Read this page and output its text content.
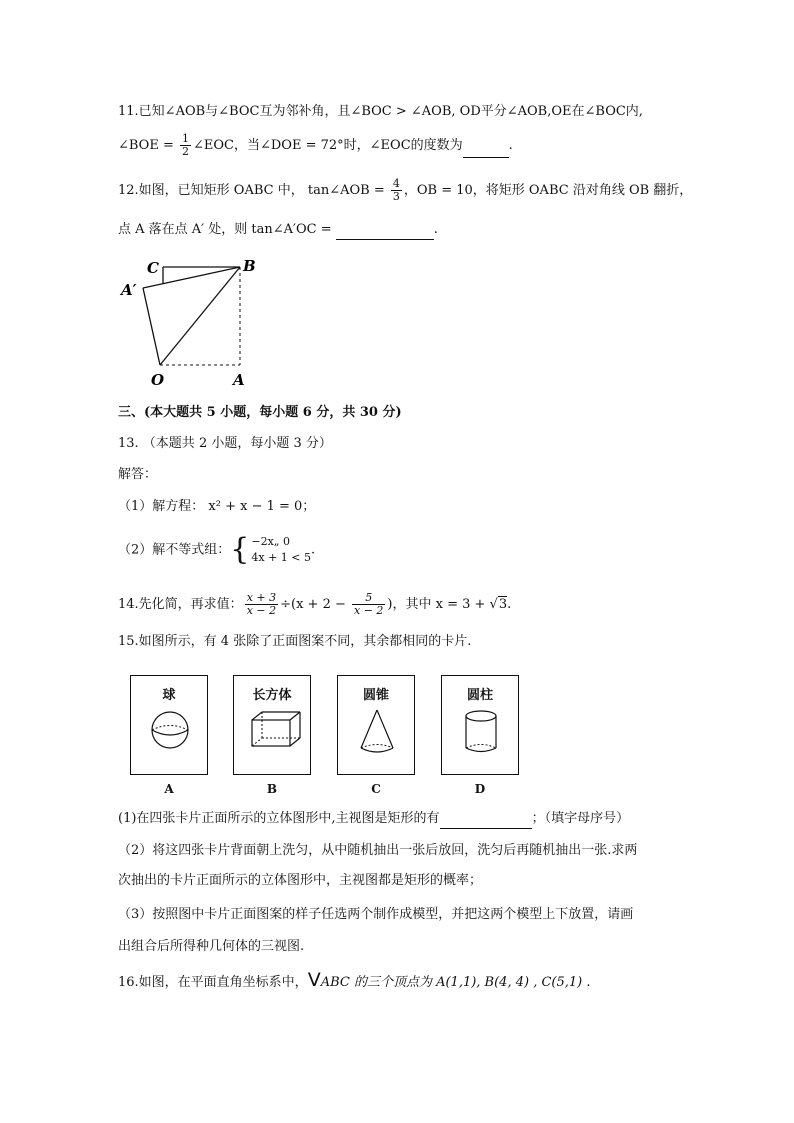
11.已知∠AOB与∠BOC互为邻补角，且∠BOC > ∠AOB, OD平分∠AOB,OE在∠BOC内,
∠BOE = $\frac{1}{2}$ ∠EOC，当∠DOE = 72°时，∠EOC的度数为	.
12.如图，已知矩形 OABC 中， tan∠AOB = $\frac{4}{3}$ ，OB = 10，将矩形 OABC 沿对角线 OB 翻折，
点 A 落在点 A′ 处，则 tan∠A′OC =	.
C	B
A′
O	A
三、(本大题共 5 小题，每小题 6 分，共 30 分)
13. （本题共 2 小题，每小题 3 分）
解答：
（1）解方程： x² + x − 1 = 0；
（2）解不等式组：{ −2x„ 0
4x + 1 < 5 .
14.先化简，再求值： $\frac{x + 3}{x - 2} \div(x + 2 - \frac{5}{x - 2}$ )，其中 x = 3 + √3.
15.如图所示，有 4 张除了正面图案不同，其余都相同的卡片.
球	长方体	圆锥	圆柱
A	B	C	D
(1)在四张卡片正面所示的立体图形中,主视图是矩形的有	；（填字母序号）
（2）将这四张卡片背面朝上洗匀，从中随机抽出一张后放回，洗匀后再随机抽出一张.求两
次抽出的卡片正面所示的立体图形中，主视图都是矩形的概率；
（3）按照图中卡片正面图案的样子任选两个制作成模型，并把这两个模型上下放置，请画
出组合后所得种几何体的三视图.
16.如图，在平面直角坐标系中，VABC 的三个顶点为 A(1,1), B(4, 4) , C(5,1) .
